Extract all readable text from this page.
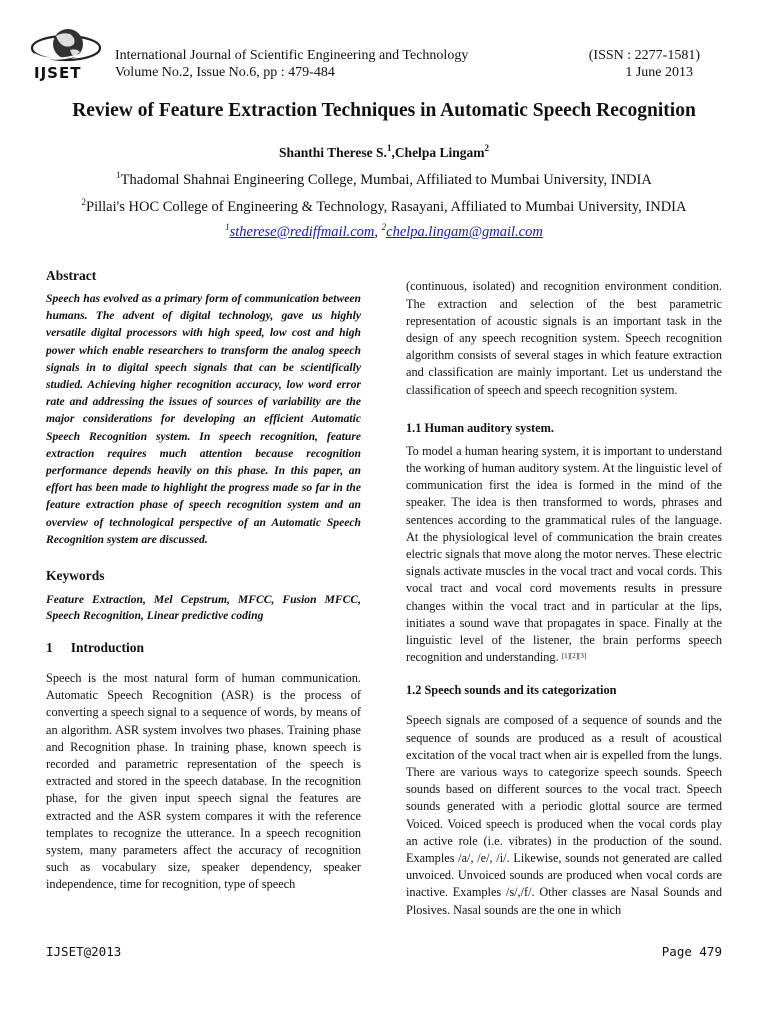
IJSET
International Journal of Scientific Engineering and Technology
Volume No.2, Issue No.6, pp : 479-484
(ISSN : 2277-1581)
1 June 2013
Review of Feature Extraction Techniques in Automatic Speech Recognition
Shanthi Therese S.$^1$,Chelpa Lingam$^2$
$^1$Thadomal Shahnai Engineering College, Mumbai, Affiliated to Mumbai University, INDIA
$^2$Pillai's HOC College of Engineering & Technology, Rasayani, Affiliated to Mumbai University, INDIA
$^1$stherese@rediffmail.com, $^2$chelpa.lingam@gmail.com
Abstract

Speech has evolved as a primary form of communication between humans. The advent of digital technology, gave us highly versatile digital processors with high speed, low cost and high power which enable researchers to transform the analog speech signals in to digital speech signals that can be scientifically studied. Achieving higher recognition accuracy, low word error rate and addressing the issues of sources of variability are the major considerations for developing an efficient Automatic Speech Recognition system. In speech recognition, feature extraction requires much attention because recognition performance depends heavily on this phase. In this paper, an effort has been made to highlight the progress made so far in the feature extraction phase of speech recognition system and an overview of technological perspective of an Automatic Speech Recognition system are discussed.

Keywords

Feature Extraction, Mel Cepstrum, MFCC, Fusion MFCC, Speech Recognition, Linear predictive coding

1 Introduction

Speech is the most natural form of human communication. Automatic Speech Recognition (ASR) is the process of converting a speech signal to a sequence of words, by means of an algorithm. ASR system involves two phases. Training phase and Recognition phase. In training phase, known speech is recorded and parametric representation of the speech is extracted and stored in the speech database. In the recognition phase, for the given input speech signal the features are extracted and the ASR system compares it with the reference templates to recognize the utterance. In a speech recognition system, many parameters affect the accuracy of recognition such as vocabulary size, speaker dependency, speaker independence, time for recognition, type of speech

(continuous, isolated) and recognition environment condition. The extraction and selection of the best parametric representation of acoustic signals is an important task in the design of any speech recognition system. Speech recognition algorithm consists of several stages in which feature extraction and classification are mainly important. Let us understand the classification of speech and speech recognition system.

1.1 Human auditory system.

To model a human hearing system, it is important to understand the working of human auditory system. At the linguistic level of communication first the idea is formed in the mind of the speaker. The idea is then transformed to words, phrases and sentences according to the grammatical rules of the language. At the physiological level of communication the brain creates electric signals that move along the motor nerves. These electric signals activate muscles in the vocal tract and vocal cords. This vocal tract and vocal cord movements results in pressure changes within the vocal tract and in particular at the lips, initiates a sound wave that propagates in space. Finally at the linguistic level of the listener, the brain performs speech recognition and understanding. [1][2][3]

1.2 Speech sounds and its categorization

Speech signals are composed of a sequence of sounds and the sequence of sounds are produced as a result of acoustical excitation of the vocal tract when air is expelled from the lungs. There are various ways to categorize speech sounds. Speech sounds based on different sources to the vocal tract. Speech sounds generated with a periodic glottal source are termed Voiced. Voiced speech is produced when the vocal cords play an active role (i.e. vibrates) in the production of the sound. Examples /a/, /e/, /i/. Likewise, sounds not generated are called unvoiced. Unvoiced sounds are produced when vocal cords are inactive. Examples /s/,/f/. Other classes are Nasal Sounds and Plosives. Nasal sounds are the one in which

IJSET@2013	Page 479
